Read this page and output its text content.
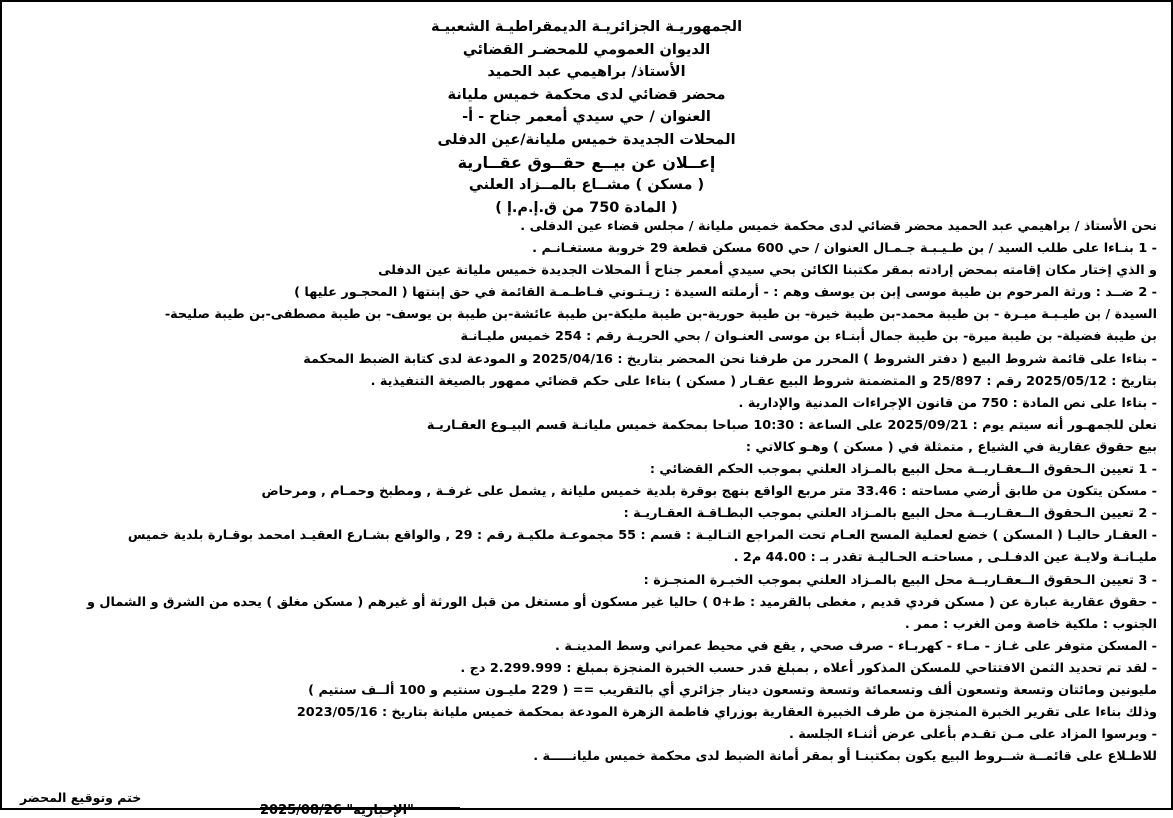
الجمهوريـة الجزائريـة الديمقراطيـة الشعبيـة
الديوان العمومي للمحضـر القضائي
الأستاذ/ براهيمي عبد الحميد
محضر قضائي لدى محكمة خميس مليانة
العنوان / حي سيدي أمعمر جناح - أ-
المحلات الجديدة خميس مليانة/عين الدفلى
إعــلان عن بيــع حقــوق عقــارية
( مسكن ) مشــاع بالمــزاد العلني
( المادة 750 من ق.إ.م.إ )
نحن الأستاذ / براهيمي عبد الحميد محضر قضائي لدى محكمة خميس مليانة / مجلس قضاء عين الدفلى .
- 1 بنـاءا على طلب السيد / بن طـيـبـة جـمـال العنوان / حي 600 مسكن قطعة 29 خروبة مستغـانـم .
و الذي إختار مكان إقامته بمحض إرادته بمقر مكتبنا الكائن بحي سيدي أمعمر جناح أ المحلات الجديدة خميس مليانة عين الدفلى
- 2 ضــد : ورثة المرحوم بن طيبة موسى إبن بن يوسف وهم : - أرملته السيدة : زيـتـوني فـاطـمـة القائمة في حق إبنتها ( المحجـور عليها )
السيدة / بن طيـبـة ميـرة - بن طيبة محمد-بن طيبة خيرة- بن طيبة حورية-بن طيبة مليكة-بن طيبة عائشة-بن طيبة بن يوسف- بن طيبة مصطفى-بن طيبة صليحة-
بن طيبة فضيلة- بن طيبة ميرة- بن طيبة جمال أبنـاء بن موسى العنـوان / بحي الحريـة رقم : 254 خميس مليـانـة
- بناءا على قائمة شروط البيع ( دفتر الشروط ) المحرر من طرفنا نحن المحضر بتاريخ : 2025/04/16 و المودعة لدى كتابة الضبط المحكمة
بتاريخ : 2025/05/12 رقم : 25/897 و المتضمنة شروط البيع عقـار ( مسكن ) بناءا على حكم قضائي ممهور بالصيغة التنفيذية .
- بناءا على نص المادة : 750 من قانون الإجراءات المدنية والإدارية .
نعلن للجمهـور أنه سيتم يوم : 2025/09/21 على الساعة : 10:30 صباحا بمحكمة خميس مليانـة قسم البيـوع العقـاريـة
بيع حقوق عقارية في الشياع , متمثلة في ( مسكن ) وهـو كالاتي :
- 1 تعيين الـحقوق الــعقـاريــة محل البيع بالمـزاد العلني بموجب الحكم القضائي :
- مسكن يتكون من طابق أرضي مساحته : 33.46 متر مربع الواقع بنهج بوقرة بلدية خميس مليانة , يشمل على غرفـة , ومطبخ وحمـام , ومرحاض
- 2 تعيين الـحقوق الــعقـاريــة محل البيع بالمـزاد العلني بموجب البطـاقـة العقـاريـة :
- العقـار حاليـا ( المسكن ) خضع لعملية المسح العـام تحت المراجع التـاليـة : قسم : 55 مجموعـة ملكيـة رقم : 29 , والواقع بشـارع العقيـد امحمد بوقـارة بلدية خميس
مليـانـة ولايـة عين الدفـلـى , مساحتـه الحـاليـة تقدر بـ : 44.00 م2 .
- 3 تعيين الـحقوق الــعقـاريــة محل البيع بالمـزاد العلني بموجب الخبـرة المنجـزة :
- حقوق عقارية عبارة عن ( مسكن فردي قديم , مغطى بالقرميد : ط+0 ) حاليا غير مسكون أو مستغل من قبل الورثة أو غيرهم ( مسكن مغلق ) يحده من الشرق و الشمال و
الجنوب : ملكية خاصة ومن الغرب : ممر .
- المسكن متوفر على غـاز - مـاء - كهربـاء - صرف صحي , يقع في محيط عمراني وسط المدينـة .
- لقد تم تحديد الثمن الافتتاحي للمسكن المذكور أعلاه , بمبلغ قدر حسب الخبرة المنجزة بمبلغ : 2.299.999 دج .
مليونين ومائتان وتسعة وتسعون ألف وتسعمائة وتسعة وتسعون دينار جزائري أي بالتقريب == ( 229 مليـون سنتيم و 100 ألــف سنتيم )
وذلك بناءا على تقرير الخبرة المنجزة من طرف الخبيرة العقارية بوزراي فاطمة الزهرة المودعة بمحكمة خميس مليانة بتاريخ : 2023/05/16
- ويرسوا المزاد على مـن تقـدم بأعلى عرض أثنـاء الجلسة .
للاطـلاع على قائمــة شــروط البيع يكون بمكتبنـا أو بمقر أمانة الضبط لدى محكمة خميس مليانـــــة .
ختم وتوقيع المحضر
"الإخبارية" 2025/08/26
